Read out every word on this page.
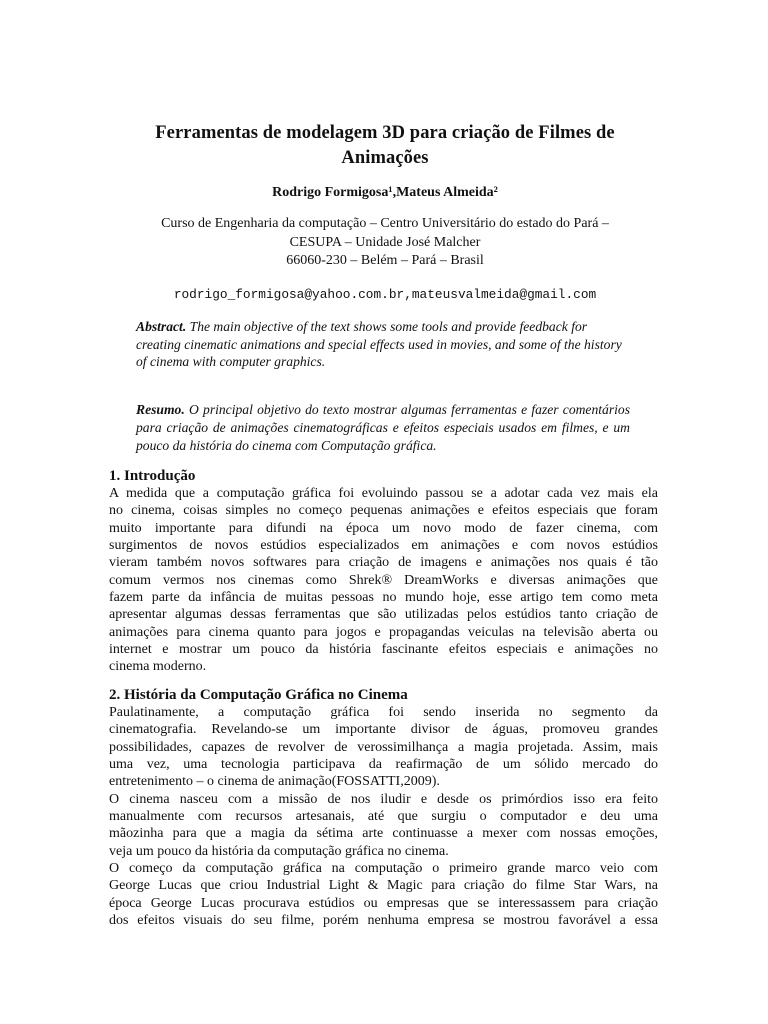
Ferramentas de modelagem 3D para criação de Filmes de Animações
Rodrigo Formigosa¹,Mateus Almeida²
Curso de Engenharia da computação – Centro Universitário do estado do Pará –
CESUPA – Unidade José Malcher
66060-230 – Belém – Pará – Brasil
rodrigo_formigosa@yahoo.com.br,mateusvalmeida@gmail.com

Abstract. The main objective of the text shows some tools and provide feedback for creating cinematic animations and special effects used in movies, and some of the history of cinema with computer graphics.

Resumo. O principal objetivo do texto mostrar algumas ferramentas e fazer comentários para criação de animações cinematográficas e efeitos especiais usados em filmes, e um pouco da história do cinema com Computação gráfica.

1. Introdução
A medida que a computação gráfica foi evoluindo passou se a adotar cada vez mais ela
no cinema, coisas simples no começo pequenas animações e efeitos especiais que foram
muito importante para difundi na época um novo modo de fazer cinema, com
surgimentos de novos estúdios especializados em animações e com novos estúdios
vieram também novos softwares para criação de imagens e animações nos quais é tão
comum vermos nos cinemas como Shrek® DreamWorks e diversas animações que
fazem parte da infância de muitas pessoas no mundo hoje, esse artigo tem como meta
apresentar algumas dessas ferramentas que são utilizadas pelos estúdios tanto criação de
animações para cinema quanto para jogos e propagandas veiculas na televisão aberta ou
internet e mostrar um pouco da história fascinante efeitos especiais e animações no
cinema moderno.
2. História da Computação Gráfica no Cinema
Paulatinamente, a computação gráfica foi sendo inserida no segmento da
cinematografia. Revelando-se um importante divisor de águas, promoveu grandes
possibilidades, capazes de revolver de verossimilhança a magia projetada. Assim, mais
uma vez, uma tecnologia participava da reafirmação de um sólido mercado do
entretenimento – o cinema de animação(FOSSATTI,2009).
O cinema nasceu com a missão de nos iludir e desde os primórdios isso era feito
manualmente com recursos artesanais, até que surgiu o computador e deu uma
mãozinha para que a magia da sétima arte continuasse a mexer com nossas emoções,
veja um pouco da história da computação gráfica no cinema.
O começo da computação gráfica na computação o primeiro grande marco veio com
George Lucas que criou Industrial Light & Magic para criação do filme Star Wars, na
época George Lucas procurava estúdios ou empresas que se interessassem para criação
dos efeitos visuais do seu filme, porém nenhuma empresa se mostrou favorável a essa
